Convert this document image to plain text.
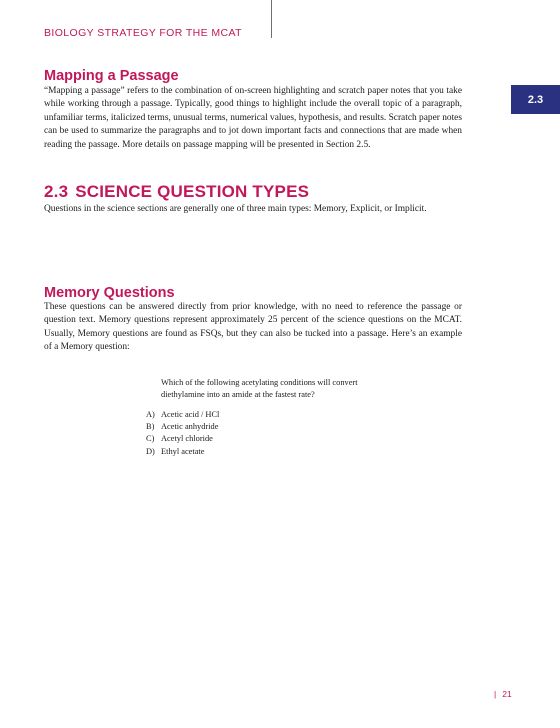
BIOLOGY STRATEGY FOR THE MCAT
2.3
Mapping a Passage

“Mapping a passage” refers to the combination of on-screen highlighting and scratch paper notes that you take while working through a passage. Typically, good things to highlight include the overall topic of a paragraph, unfamiliar terms, italicized terms, unusual terms, numerical values, hypothesis, and results. Scratch paper notes can be used to summarize the paragraphs and to jot down important facts and connections that are made when reading the passage. More details on passage mapping will be presented in Section 2.5.

2.3 SCIENCE QUESTION TYPES

Questions in the science sections are generally one of three main types: Memory, Explicit, or Implicit.

Memory Questions

These questions can be answered directly from prior knowledge, with no need to reference the passage or question text. Memory questions represent approximately 25 percent of the science questions on the MCAT. Usually, Memory questions are found as FSQs, but they can also be tucked into a passage. Here’s an example of a Memory question:

Which of the following acetylating conditions will convert diethylamine into an amide at the fastest rate?

A) Acetic acid / HCl
B) Acetic anhydride
C) Acetyl chloride
D) Ethyl acetate
| 21
